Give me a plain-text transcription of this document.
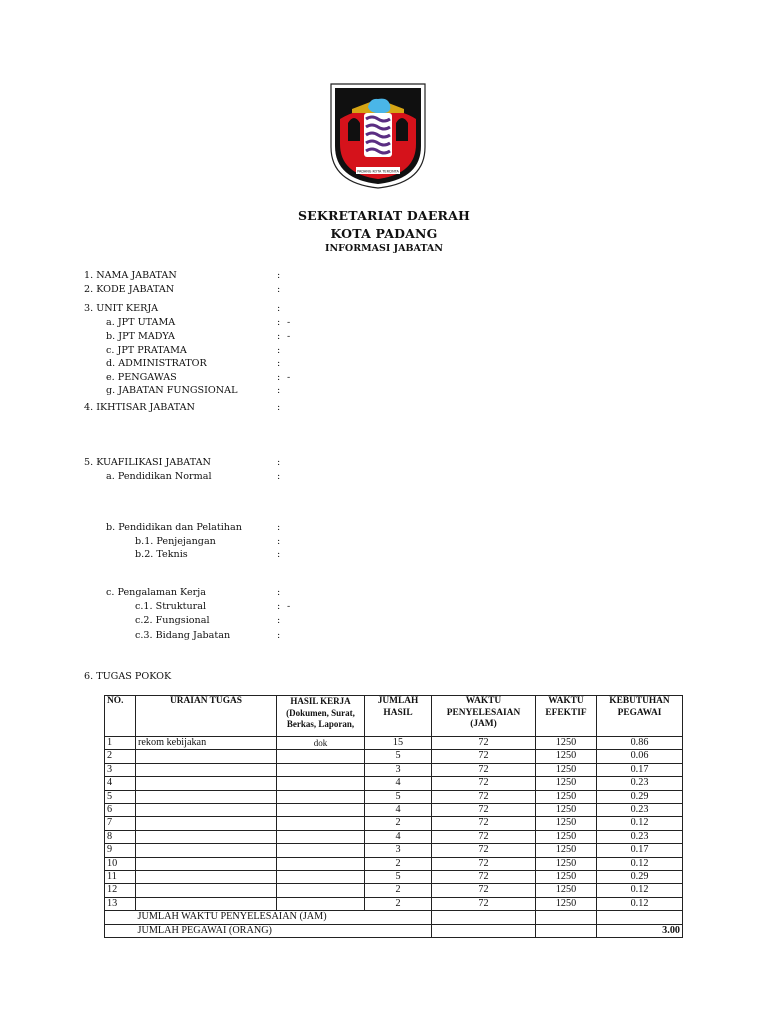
PADANG KOTA TERCINTA
SEKRETARIAT DAERAH
KOTA PADANG
INFORMASI JABATAN
1. NAMA JABATAN	:
2. KODE JABATAN	:
3. UNIT KERJA	:
a. JPT UTAMA	: -
b. JPT MADYA	: -
c. JPT PRATAMA	:
d. ADMINISTRATOR	:
e. PENGAWAS	: -
g. JABATAN FUNGSIONAL	:
4. IKHTISAR JABATAN	:
5. KUAFILIKASI JABATAN	:
a. Pendidikan Normal	:
b. Pendidikan dan Pelatihan	:
b.1. Penjejangan	:
b.2. Teknis	:
c. Pengalaman Kerja	:
c.1. Struktural	: -
c.2. Fungsional	:
c.3. Bidang Jabatan	:
6. TUGAS POKOK
NO.	URAIAN TUGAS	HASIL KERJA (Dokumen, Surat, Berkas, Laporan,	JUMLAH HASIL	WAKTU PENYELESAIAN (JAM)	WAKTU EFEKTIF	KEBUTUHAN PEGAWAI
1	rekom kebijakan	dok	15	72	1250	0.86
2			5	72	1250	0.06
3			3	72	1250	0.17
4			4	72	1250	0.23
5			5	72	1250	0.29
6			4	72	1250	0.23
7			2	72	1250	0.12
8			4	72	1250	0.23
9			3	72	1250	0.17
10			2	72	1250	0.12
11			5	72	1250	0.29
12			2	72	1250	0.12
13			2	72	1250	0.12
	JUMLAH WAKTU PENYELESAIAN (JAM)					
	JUMLAH PEGAWAI (ORANG)					3.00
